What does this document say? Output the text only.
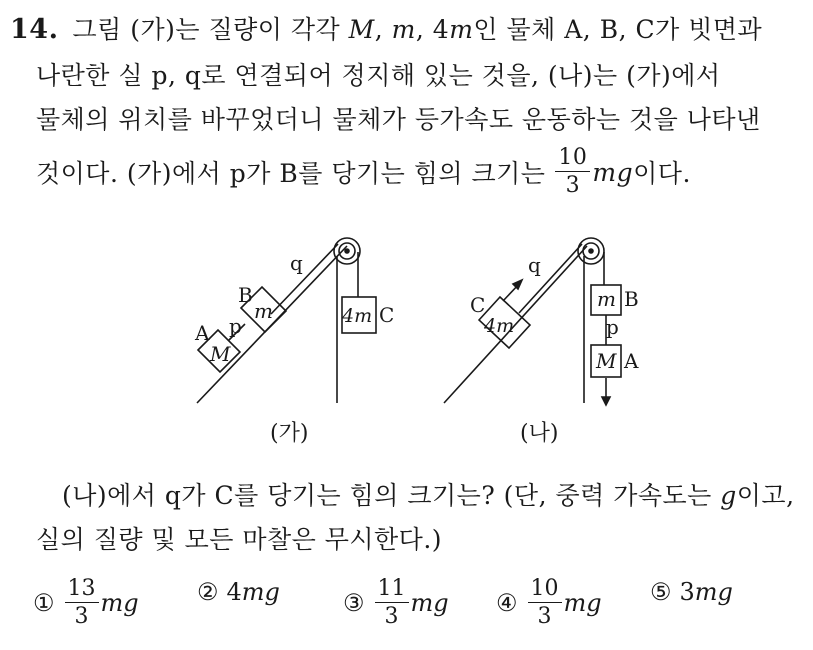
14. 그림 (가)는 질량이 각각 M, m, 4m인 물체 A, B, C가 빗면과
나란한 실 p, q로 연결되어 정지해 있는 것을, (나)는 (가)에서
물체의 위치를 바꾸었더니 물체가 등가속도 운동하는 것을 나타낸
것이다. (가)에서 p가 B를 당기는 힘의 크기는 $\frac{10}{3}$ mg 이다.
q
B
m
p
A
M
4m C
(가)
q
C
4m
m B
p
M A
(나)
(나)에서 q가 C를 당기는 힘의 크기는? (단, 중력 가속도는 g이고,
실의 질량 및 모든 마찰은 무시한다.)
① $\frac{13}{3}$ mg ② 4 mg	③ $\frac{11}{3}$ mg ④ $\frac{10}{3}$ mg ⑤ 3 mg
